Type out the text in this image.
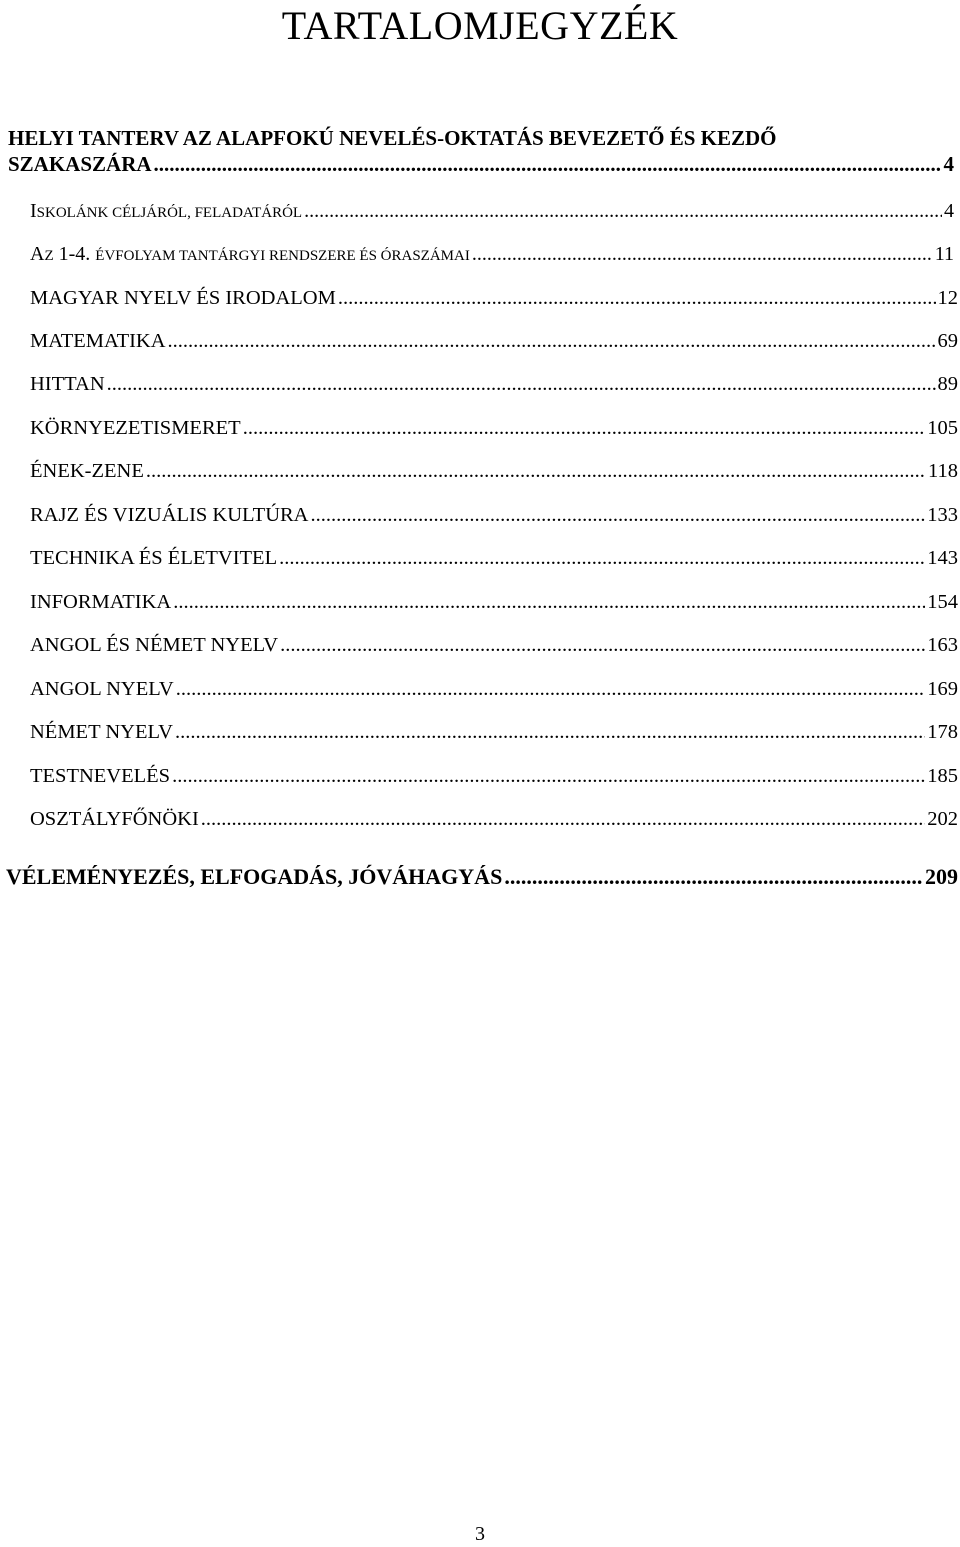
TARTALOMJEGYZÉK
HELYI TANTERV AZ ALAPFOKÚ NEVELÉS-OKTATÁS BEVEZETŐ ÉS KEZDŐ
SZAKASZÁRA .....	4
ISKOLÁNK CÉLJÁRÓL, FELADATÁRÓL .....	4
AZ 1-4. ÉVFOLYAM TANTÁRGYI RENDSZERE ÉS ÓRASZÁMAI .....	11
MAGYAR NYELV ÉS IRODALOM .....	12
MATEMATIKA .....	69
HITTAN .....	89
KÖRNYEZETISMERET .....	105
ÉNEK-ZENE .....	118
RAJZ ÉS VIZUÁLIS KULTÚRA .....	133
TECHNIKA ÉS ÉLETVITEL .....	143
INFORMATIKA .....	154
ANGOL ÉS NÉMET NYELV .....	163
ANGOL NYELV .....	169
NÉMET NYELV .....	178
TESTNEVELÉS .....	185
OSZTÁLYFŐNÖKI .....	202
VÉLEMÉNYEZÉS, ELFOGADÁS, JÓVÁHAGYÁS .....	209
3
